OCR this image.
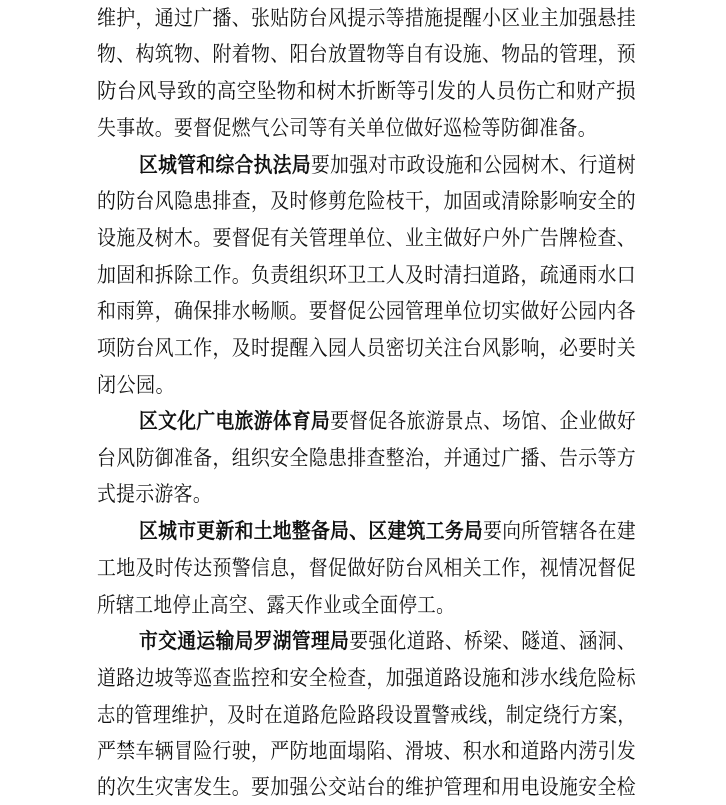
维护，通过广播、张贴防台风提示等措施提醒小区业主加强悬挂
物、构筑物、附着物、阳台放置物等自有设施、物品的管理，预
防台风导致的高空坠物和树木折断等引发的人员伤亡和财产损
失事故。要督促燃气公司等有关单位做好巡检等防御准备。
区城管和综合执法局要加强对市政设施和公园树木、行道树
的防台风隐患排查，及时修剪危险枝干，加固或清除影响安全的
设施及树木。要督促有关管理单位、业主做好户外广告牌检查、
加固和拆除工作。负责组织环卫工人及时清扫道路，疏通雨水口
和雨箅，确保排水畅顺。要督促公园管理单位切实做好公园内各
项防台风工作，及时提醒入园人员密切关注台风影响，必要时关
闭公园。
区文化广电旅游体育局要督促各旅游景点、场馆、企业做好
台风防御准备，组织安全隐患排查整治，并通过广播、告示等方
式提示游客。
区城市更新和土地整备局、区建筑工务局要向所管辖各在建
工地及时传达预警信息，督促做好防台风相关工作，视情况督促
所辖工地停止高空、露天作业或全面停工。
市交通运输局罗湖管理局要强化道路、桥梁、隧道、涵洞、
道路边坡等巡查监控和安全检查，加强道路设施和涉水线危险标
志的管理维护，及时在道路危险路段设置警戒线，制定绕行方案，
严禁车辆冒险行驶，严防地面塌陷、滑坡、积水和道路内涝引发
的次生灾害发生。要加强公交站台的维护管理和用电设施安全检
